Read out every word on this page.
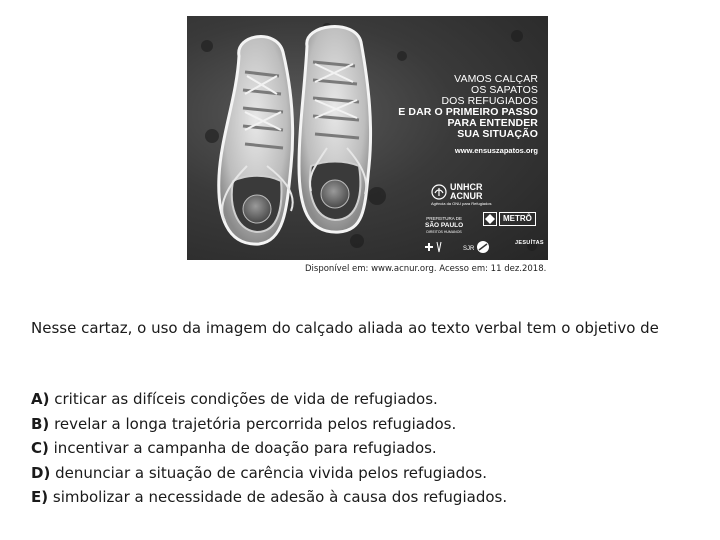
VAMOS CALÇAR
OS SAPATOS
DOS REFUGIADOS
E DAR O PRIMEIRO PASSO
PARA ENTENDER
SUA SITUAÇÃO
www.ensuszapatos.org
UNHCR
ACNUR
Agência da ONU para Refugiados
PREFEITURA DE
SÃO PAULO
DIREITOS HUMANOS
METRÔ
SJR
JESUÍTAS
Disponível em: www.acnur.org. Acesso em: 11 dez.2018.

Nesse cartaz, o uso da imagem do calçado aliada ao texto verbal tem o objetivo de

A) criticar as difíceis condições de vida de refugiados.
B) revelar a longa trajetória percorrida pelos refugiados.
C) incentivar a campanha de doação para refugiados.
D) denunciar a situação de carência vivida pelos refugiados.
E) simbolizar a necessidade de adesão à causa dos refugiados.
